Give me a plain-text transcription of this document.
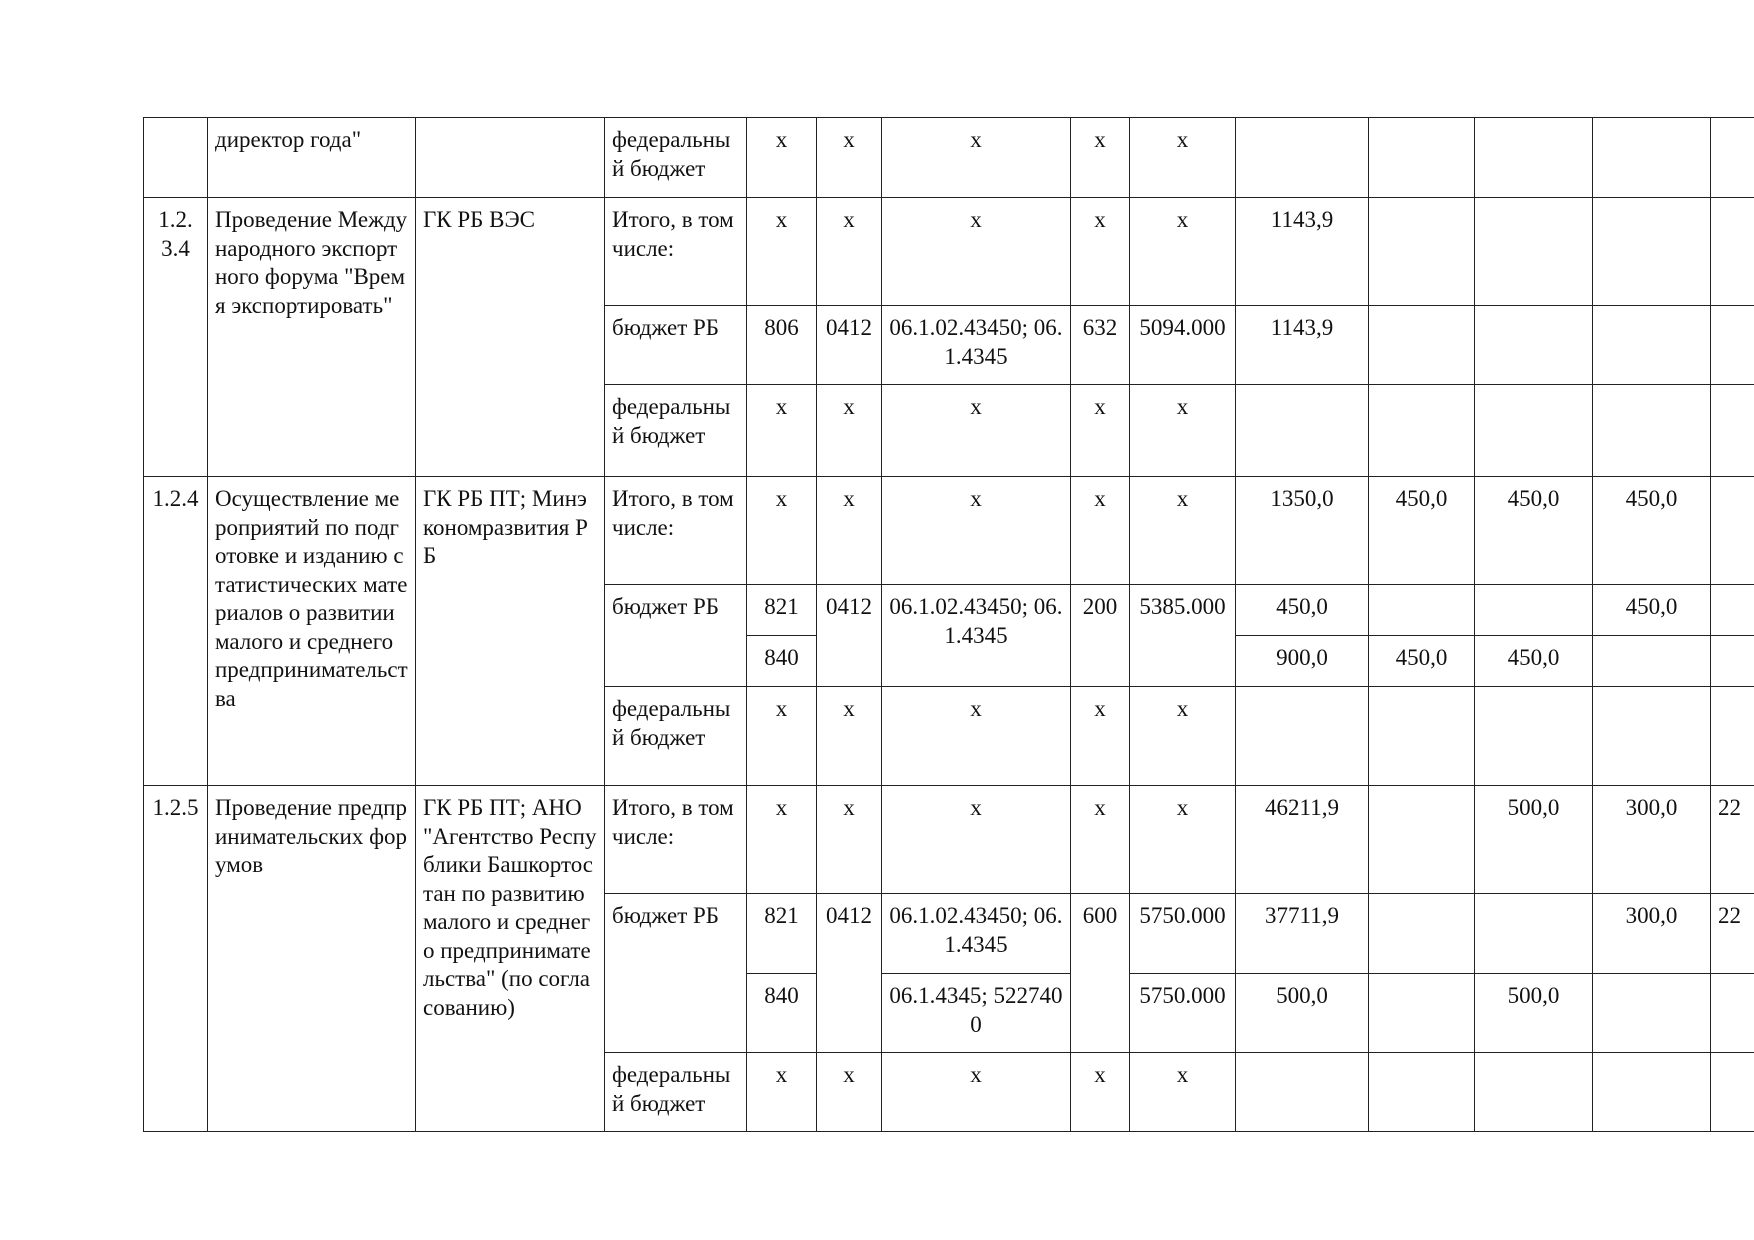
	директор года"		федеральный бюджет	х	х	х	х	х					
1.2.3.4	Проведение Международного экспортного форума "Время экспортировать"	ГК РБ ВЭС	Итого, в том числе:	х	х	х	х	х	1143,9				
			бюджет РБ	806	0412	06.1.02.43450; 06.1.4345	632	5094.000	1143,9				
			федеральный бюджет	х	х	х	х	х					
1.2.4	Осуществление мероприятий по подготовке и изданию статистических материалов о развитии малого и среднего предпринимательства	ГК РБ ПТ; Минэкономразвития РБ	Итого, в том числе:	х	х	х	х	х	1350,0	450,0	450,0	450,0	
			бюджет РБ	821	0412	06.1.02.43450; 06.1.4345	200	5385.000	450,0			450,0	
				840					900,0	450,0	450,0		
			федеральный бюджет	х	х	х	х	х					
1.2.5	Проведение предпринимательских форумов	ГК РБ ПТ; АНО "Агентство Республики Башкортостан по развитию малого и среднего предпринимательства" (по согласованию)	Итого, в том числе:	х	х	х	х	х	46211,9		500,0	300,0	22
			бюджет РБ	821	0412	06.1.02.43450; 06.1.4345	600	5750.000	37711,9			300,0	22
				840		06.1.4345; 5227400		5750.000	500,0		500,0		
			федеральный бюджет	х	х	х	х	х					
